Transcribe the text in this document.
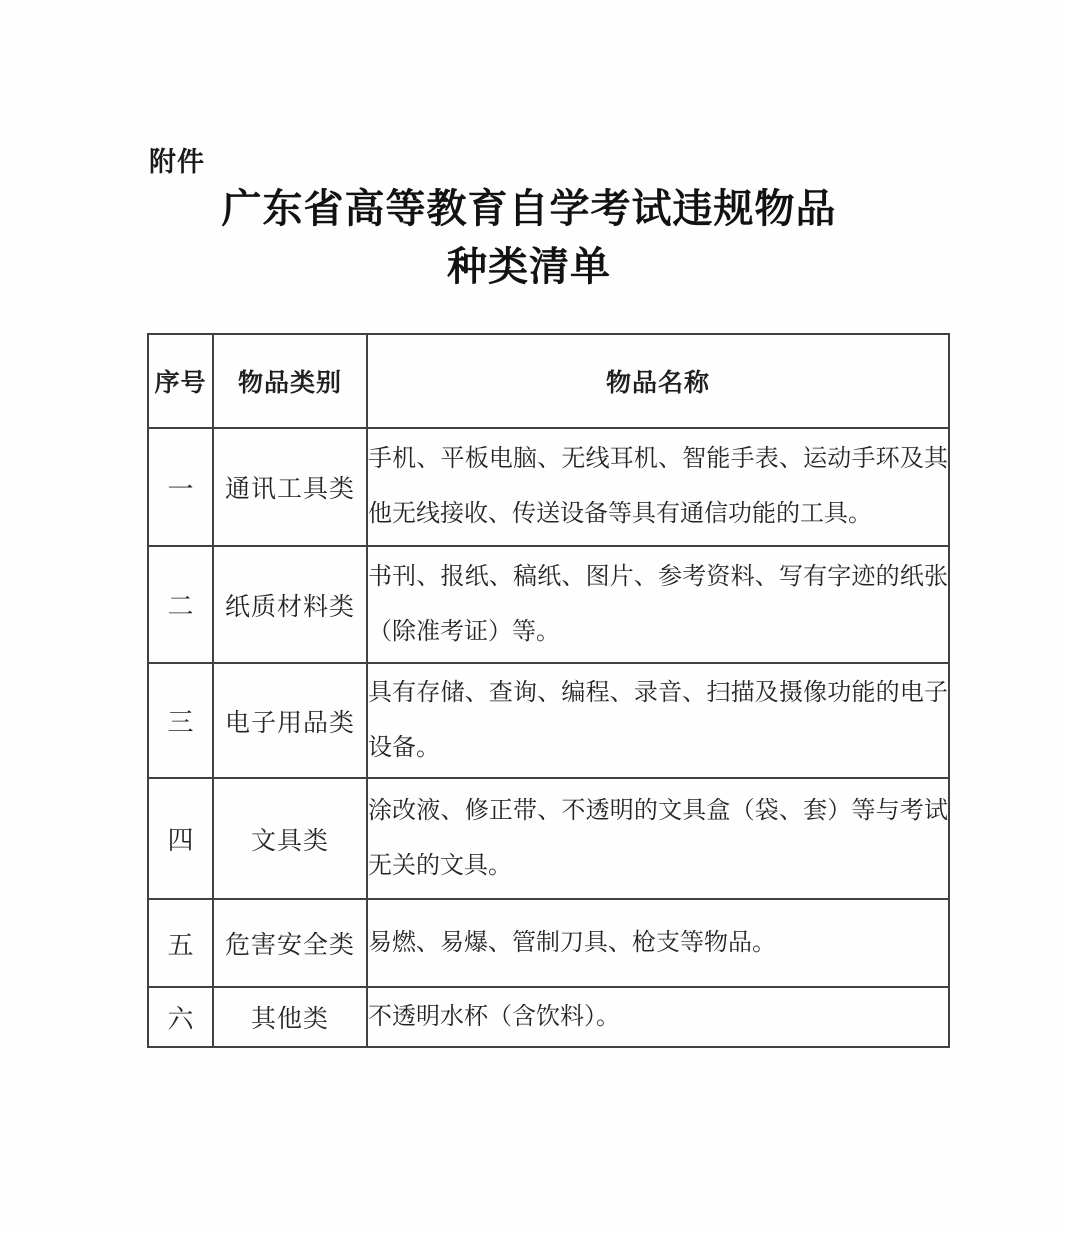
附件
广东省高等教育自学考试违规物品
种类清单
序号	物品类别	物品名称
一	通讯工具类	手机、平板电脑、无线耳机、智能手表、运动手环及其他无线接收、传送设备等具有通信功能的工具。
二	纸质材料类	书刊、报纸、稿纸、图片、参考资料、写有字迹的纸张（除准考证）等。
三	电子用品类	具有存储、查询、编程、录音、扫描及摄像功能的电子设备。
四	文具类	涂改液、修正带、不透明的文具盒（袋、套）等与考试无关的文具。
五	危害安全类	易燃、易爆、管制刀具、枪支等物品。
六	其他类	不透明水杯（含饮料）。
